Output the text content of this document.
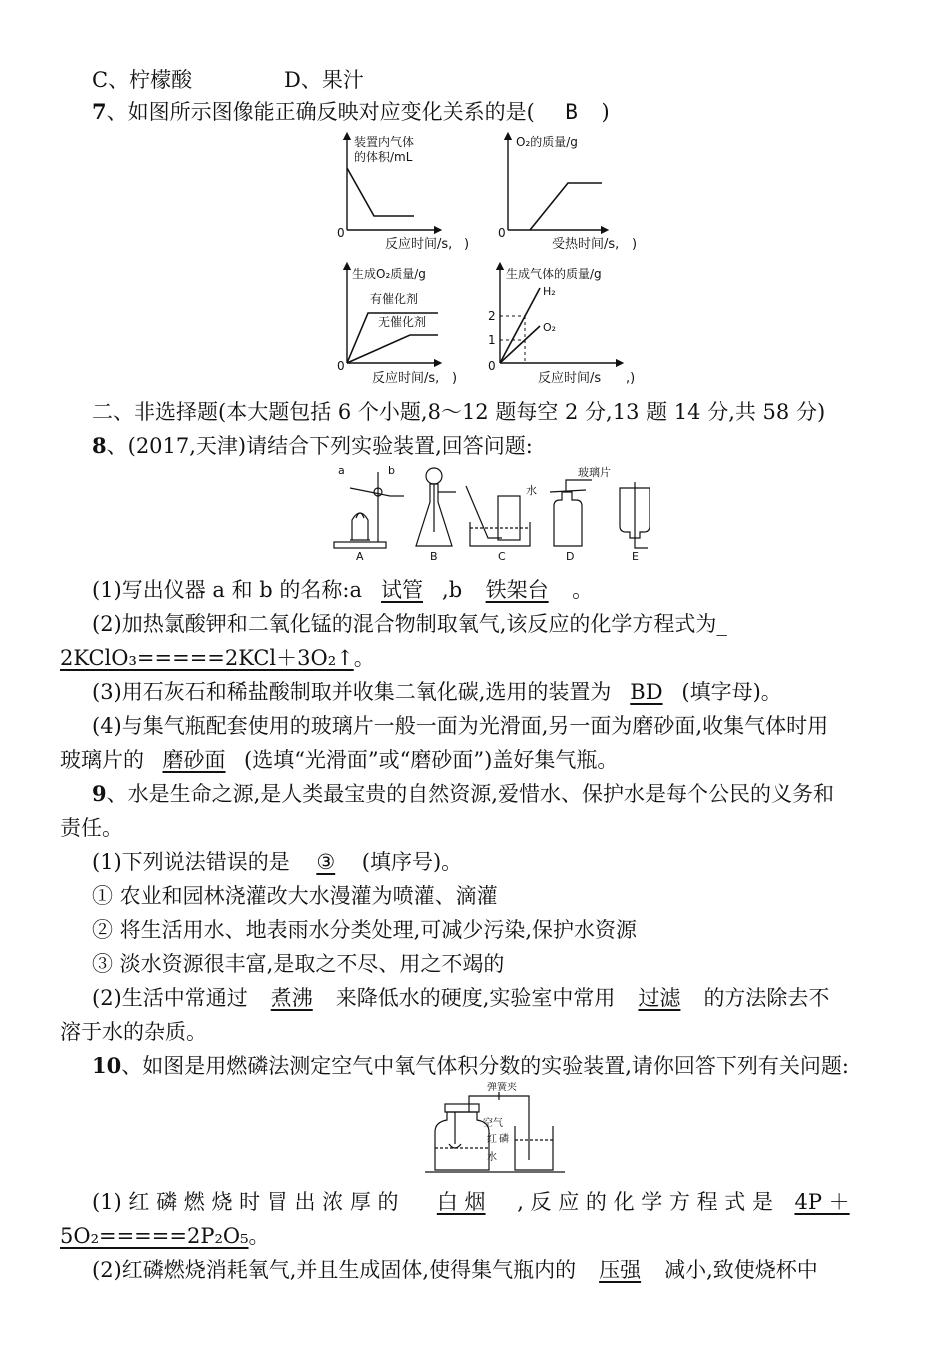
C、柠檬酸	D、果汁
7、如图所示图像能正确反映对应变化关系的是( B )
装置内气体
的体积/mL
0
反应时间/s, )
O₂的质量/g
0
受热时间/s, )
生成O₂质量/g
有催化剂
无催化剂
0
反应时间/s, )
生成气体的质量/g
H₂
O₂
2
1
0
反应时间/s ,)
二、非选择题(本大题包括 6 个小题,8～12 题每空 2 分,13 题 14 分,共 58 分)
8、(2017,天津)请结合下列实验装置,回答问题:
a	b
A	B	C	D	E
水
玻璃片
(1)写出仪器 a 和 b 的名称:a 试管 ,b 铁架台 。
(2)加热氯酸钾和二氧化锰的混合物制取氧气,该反应的化学方程式为_
2KClO₃=====2KCl＋3O₂↑。
(3)用石灰石和稀盐酸制取并收集二氧化碳,选用的装置为 BD (填字母)。
(4)与集气瓶配套使用的玻璃片一般一面为光滑面,另一面为磨砂面,收集气体时用
玻璃片的 磨砂面 (选填“光滑面”或“磨砂面”)盖好集气瓶。
9、水是生命之源,是人类最宝贵的自然资源,爱惜水、保护水是每个公民的义务和
责任。
(1)下列说法错误的是 ③ (填序号)。
① 农业和园林浇灌改大水漫灌为喷灌、滴灌
② 将生活用水、地表雨水分类处理,可减少污染,保护水资源
③ 淡水资源很丰富,是取之不尽、用之不竭的
(2)生活中常通过 煮沸 来降低水的硬度,实验室中常用 过滤 的方法除去不
溶于水的杂质。
10、如图是用燃磷法测定空气中氧气体积分数的实验装置,请你回答下列有关问题:
弹簧夹
空气
红 磷
水
(1) 红 磷 燃 烧 时 冒 出 浓 厚 的 白 烟 , 反 应 的 化 学 方 程 式 是 4P ＋
5O₂=====2P₂O₅。
(2)红磷燃烧消耗氧气,并且生成固体,使得集气瓶内的 压强 减小,致使烧杯中
